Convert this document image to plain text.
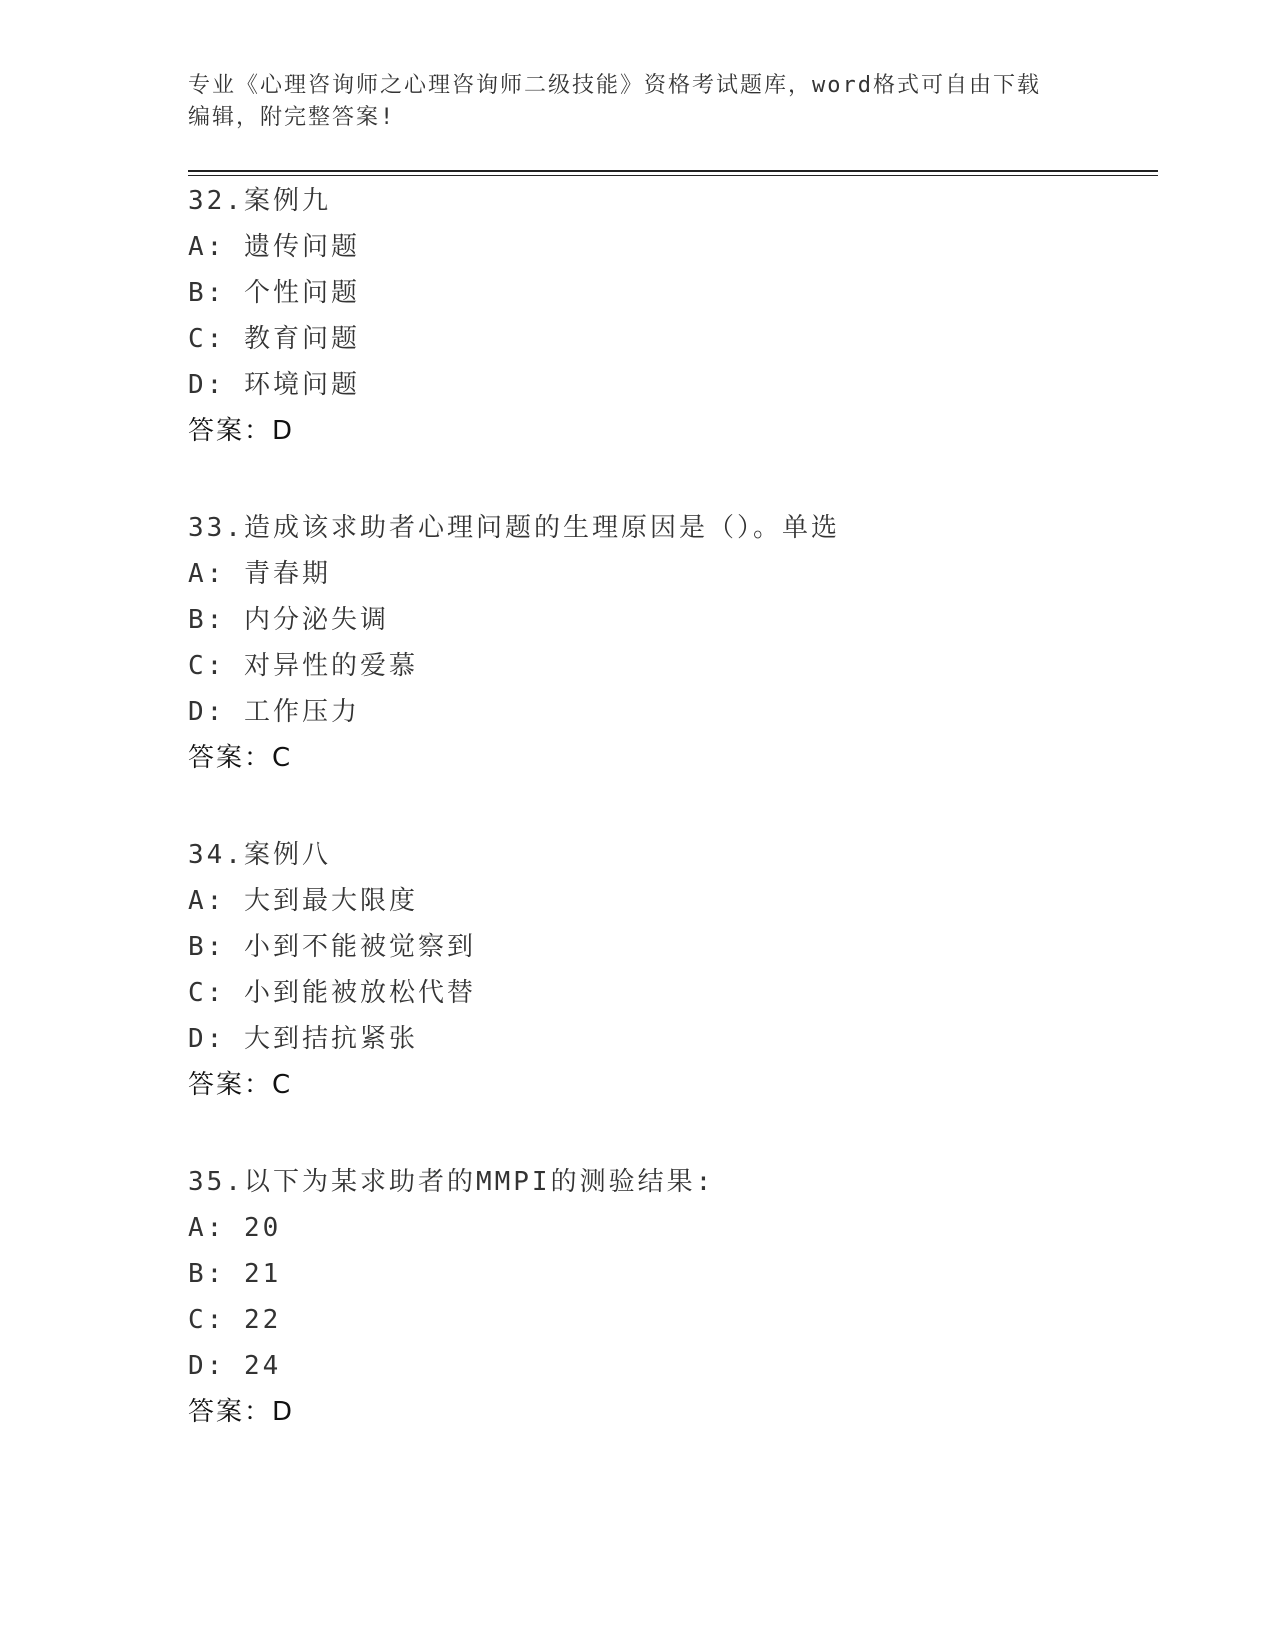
专业《心理咨询师之心理咨询师二级技能》资格考试题库，word格式可自由下载
编辑，附完整答案!
32.案例九
A: 遗传问题
B: 个性问题
C: 教育问题
D: 环境问题
答案：D
33.造成该求助者心理问题的生理原因是（）。单选
A: 青春期
B: 内分泌失调
C: 对异性的爱慕
D: 工作压力
答案：C
34.案例八
A: 大到最大限度
B: 小到不能被觉察到
C: 小到能被放松代替
D: 大到拮抗紧张
答案：C
35.以下为某求助者的MMPI的测验结果:
A: 20
B: 21
C: 22
D: 24
答案：D
